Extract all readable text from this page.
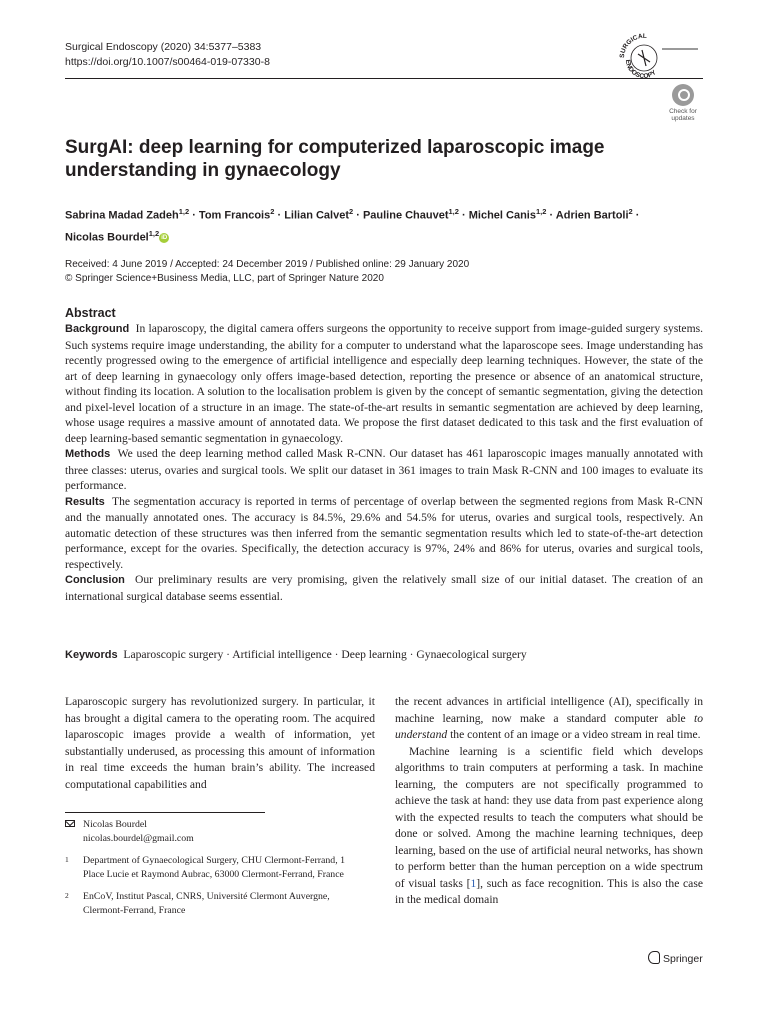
Surgical Endoscopy (2020) 34:5377–5383
https://doi.org/10.1007/s00464-019-07330-8
SURGICAL
ENDOSCOPY
Check for updates
SurgAI: deep learning for computerized laparoscopic image understanding in gynaecology
Sabrina Madad Zadeh$^{1,2}$ · Tom Francois$^2$ · Lilian Calvet$^2$ · Pauline Chauvet$^{1,2}$ · Michel Canis$^{1,2}$ · Adrien Bartoli$^2$ ·
Nicolas Bourdel$^{1,2}$iD
Received: 4 June 2019 / Accepted: 24 December 2019 / Published online: 29 January 2020
© Springer Science+Business Media, LLC, part of Springer Nature 2020
Abstract

Background In laparoscopy, the digital camera offers surgeons the opportunity to receive support from image-guided surgery systems. Such systems require image understanding, the ability for a computer to understand what the laparoscope sees. Image understanding has recently progressed owing to the emergence of artificial intelligence and especially deep learning techniques. However, the state of the art of deep learning in gynaecology only offers image-based detection, reporting the presence or absence of an anatomical structure, without finding its location. A solution to the localisation problem is given by the concept of semantic segmentation, giving the detection and pixel-level location of a structure in an image. The state-of-the-art results in semantic segmentation are achieved by deep learning, whose usage requires a massive amount of annotated data. We propose the first dataset dedicated to this task and the first evaluation of deep learning-based semantic segmentation in gynaecology.

Methods We used the deep learning method called Mask R-CNN. Our dataset has 461 laparoscopic images manually annotated with three classes: uterus, ovaries and surgical tools. We split our dataset in 361 images to train Mask R-CNN and 100 images to evaluate its performance.

Results The segmentation accuracy is reported in terms of percentage of overlap between the segmented regions from Mask R-CNN and the manually annotated ones. The accuracy is 84.5%, 29.6% and 54.5% for uterus, ovaries and surgical tools, respectively. An automatic detection of these structures was then inferred from the semantic segmentation results which led to state-of-the-art detection performance, except for the ovaries. Specifically, the detection accuracy is 97%, 24% and 86% for uterus, ovaries and surgical tools, respectively.

Conclusion Our preliminary results are very promising, given the relatively small size of our initial dataset. The creation of an international surgical database seems essential.

Keywords Laparoscopic surgery · Artificial intelligence · Deep learning · Gynaecological surgery

Laparoscopic surgery has revolutionized surgery. In particular, it has brought a digital camera to the operating room. The acquired laparoscopic images provide a wealth of information, yet substantially underused, as processing this amount of information in real time exceeds the human brain’s ability. The increased computational capabilities and

the recent advances in artificial intelligence (AI), specifically in machine learning, now make a standard computer able to understand the content of an image or a video stream in real time.

Machine learning is a scientific field which develops algorithms to train computers at performing a task. In machine learning, the computers are not specifically programmed to achieve the task at hand: they use data from past experience along with the expected results to teach the computers what should be done or solved. Among the machine learning techniques, deep learning, based on the use of artificial neural networks, has shown to perform better than the human perception on a wide spectrum of visual tasks [1], such as face recognition. This is also the case in the medical domain

Nicolas Bourdel
nicolas.bourdel@gmail.com
1 Department of Gynaecological Surgery, CHU Clermont-Ferrand, 1 Place Lucie et Raymond Aubrac, 63000 Clermont-Ferrand, France
2 EnCoV, Institut Pascal, CNRS, Université Clermont Auvergne, Clermont-Ferrand, France
Springer
